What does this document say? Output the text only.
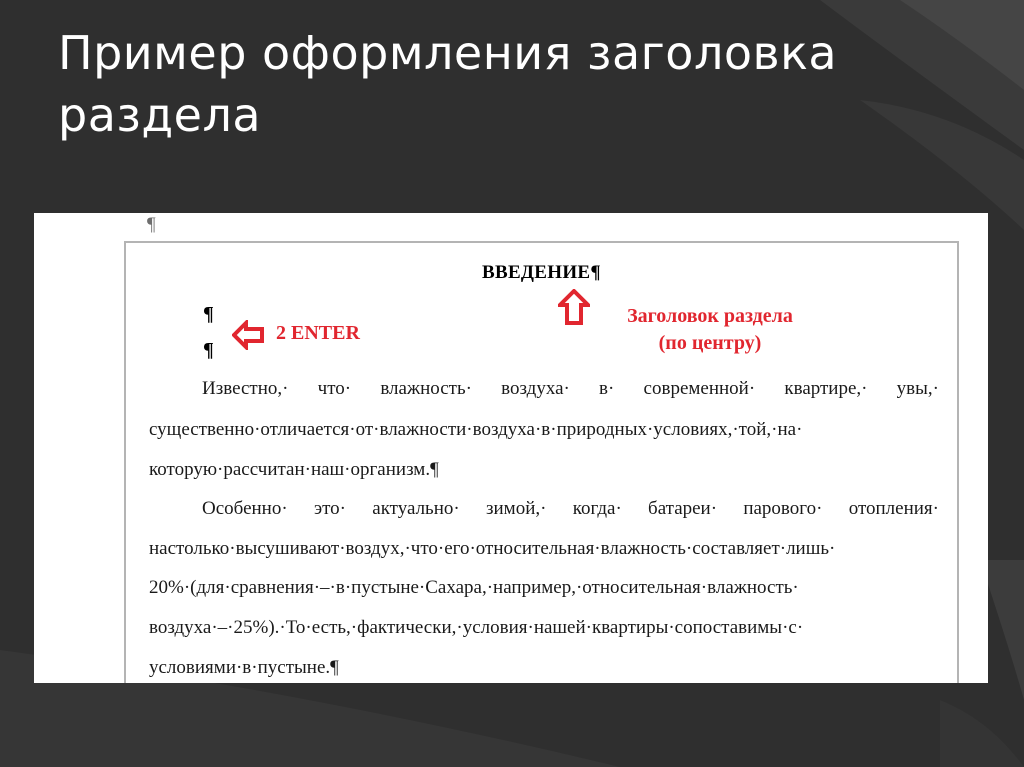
Пример оформления заголовка
раздела
¶
ВВЕДЕНИЕ¶
¶
¶

2 ENTER

Заголовок раздела
(по центру)

Известно,· что· влажность· воздуха· в· современной· квартире,· увы,·

существенно·отличается·от·влажности·воздуха·в·природных·условиях,·той,·на·

которую·рассчитан·наш·организм.¶

Особенно· это· актуально· зимой,· когда· батареи· парового· отопления·

настолько·высушивают·воздух,·что·его·относительная·влажность·составляет·лишь·

20%·(для·сравнения·–·в·пустыне·Сахара,·например,·относительная·влажность·

воздуха·–·25%).·То·есть,·фактически,·условия·нашей·квартиры·сопоставимы·с·

условиями·в·пустыне.¶
